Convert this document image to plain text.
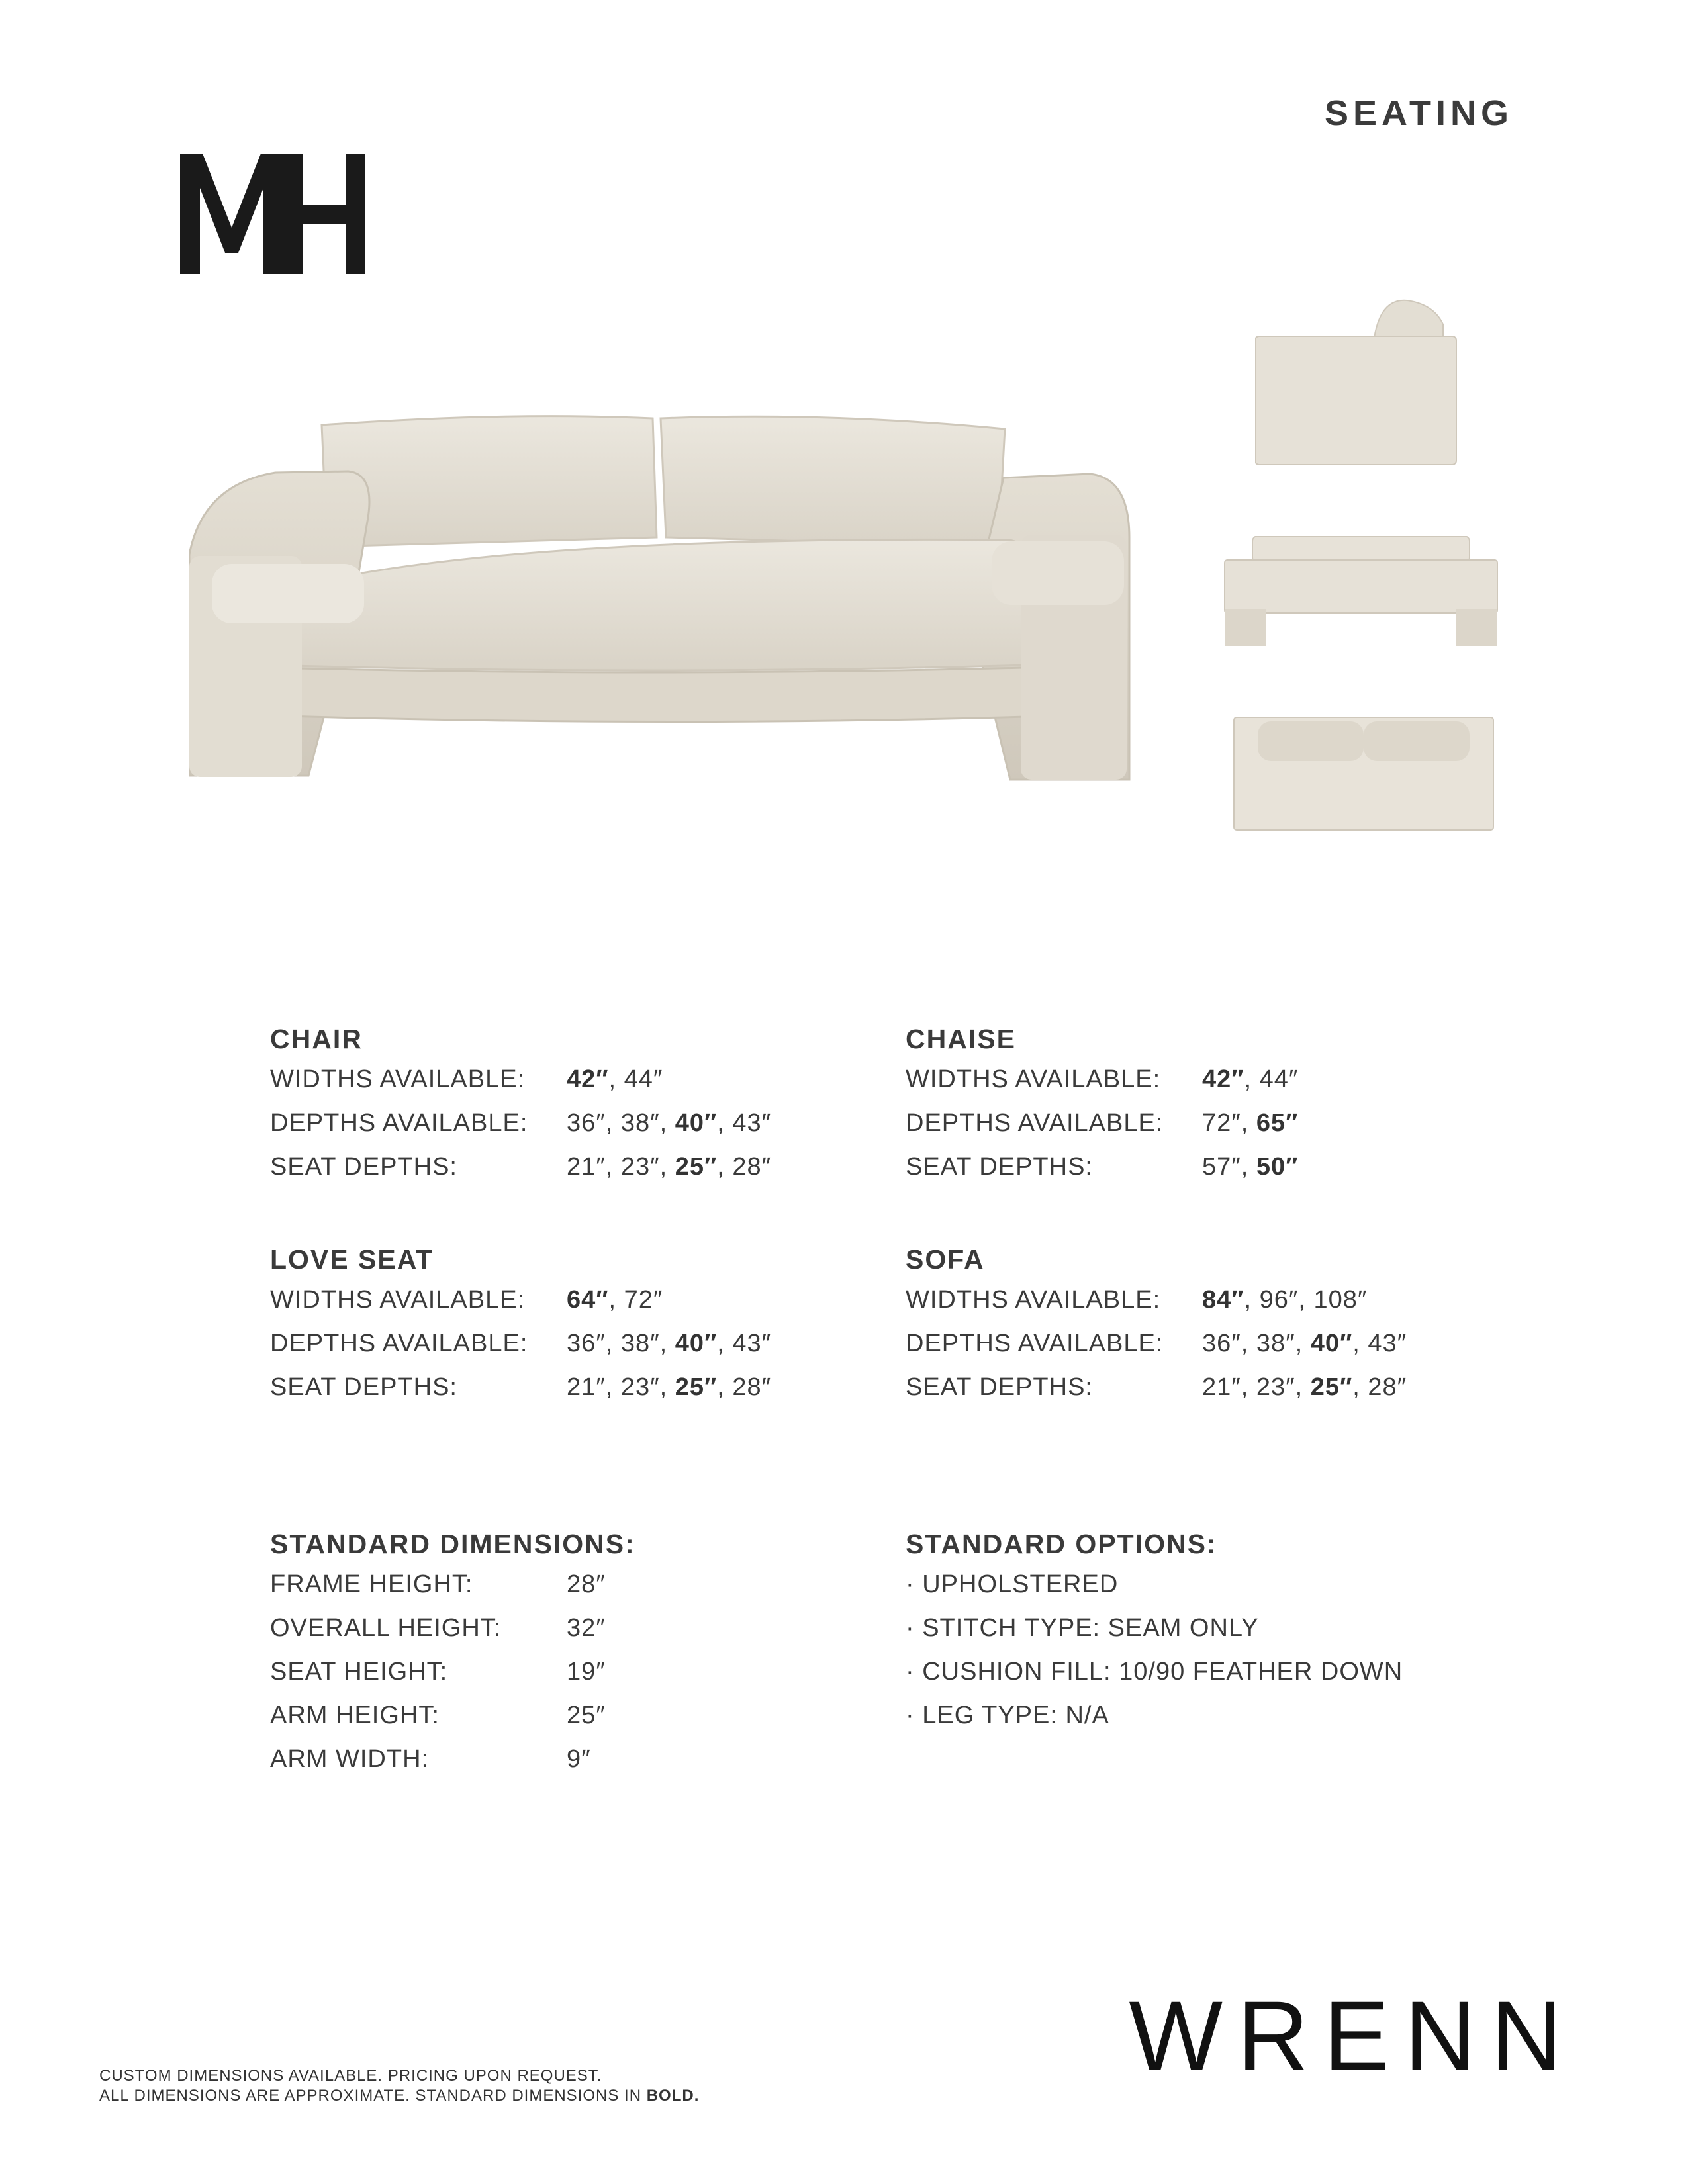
SEATING
CHAIR
WIDTHS AVAILABLE: 42″, 44″
DEPTHS AVAILABLE: 36″, 38″, 40″, 43″
SEAT DEPTHS:	21″, 23″, 25″, 28″
CHAISE
WIDTHS AVAILABLE: 42″, 44″
DEPTHS AVAILABLE: 72″, 65″
SEAT DEPTHS:	57″, 50″
LOVE SEAT
WIDTHS AVAILABLE: 64″, 72″
DEPTHS AVAILABLE: 36″, 38″, 40″, 43″
SEAT DEPTHS:	21″, 23″, 25″, 28″
SOFA
WIDTHS AVAILABLE: 84″, 96″, 108″
DEPTHS AVAILABLE: 36″, 38″, 40″, 43″
SEAT DEPTHS:	21″, 23″, 25″, 28″
STANDARD DIMENSIONS:
FRAME HEIGHT:	28″
OVERALL HEIGHT:	32″
SEAT HEIGHT:	19″
ARM HEIGHT:	25″
ARM WIDTH:	9″
STANDARD OPTIONS:
· UPHOLSTERED
· STITCH TYPE: SEAM ONLY
· CUSHION FILL: 10/90 FEATHER DOWN
· LEG TYPE: N/A
WRENN
CUSTOM DIMENSIONS AVAILABLE. PRICING UPON REQUEST.
ALL DIMENSIONS ARE APPROXIMATE. STANDARD DIMENSIONS IN BOLD.
